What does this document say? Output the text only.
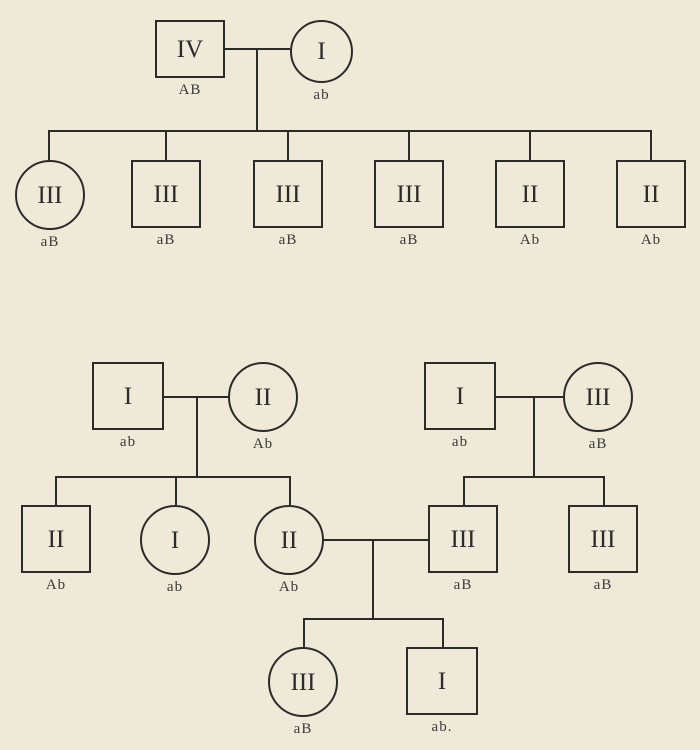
IV
AB
I
ab
III
aB
III
aB
III
aB
III
aB
II
Ab
II
Ab
I
ab
II
Ab
II
Ab
I
ab
II
Ab
I
ab
III
aB
III
aB
III
aB
III
aB
I
ab.
